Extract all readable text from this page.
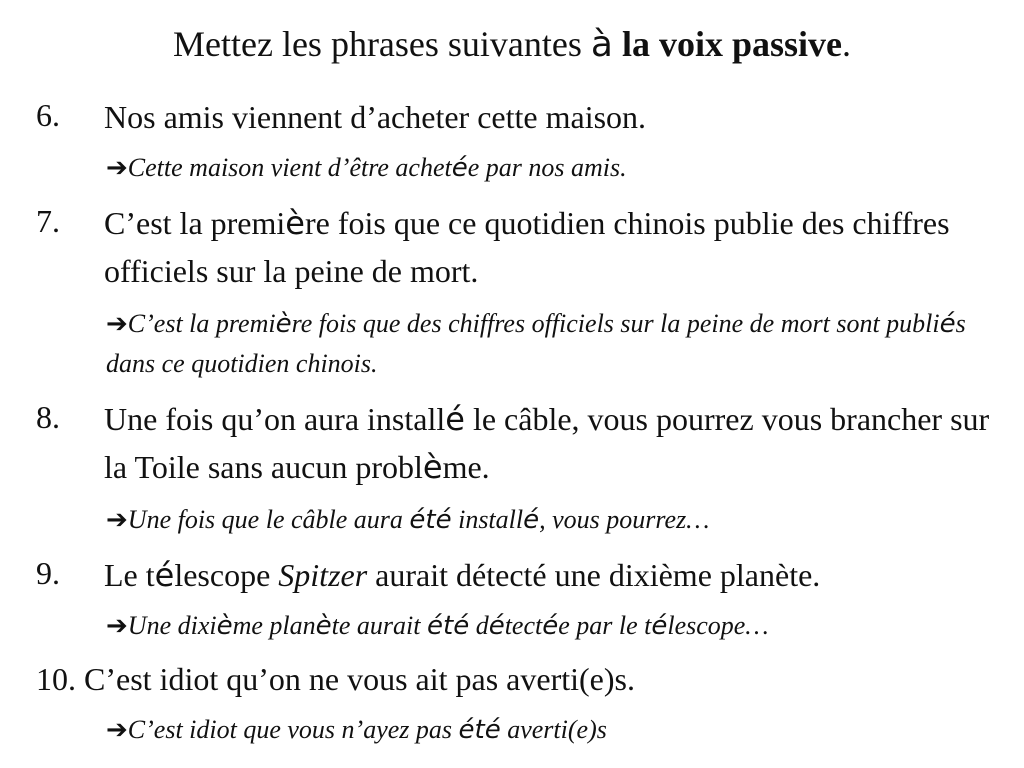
Mettez les phrases suivantes à la voix passive.
6.	Nos amis viennent d’acheter cette maison.
➔Cette maison vient d’être achetée par nos amis.
7.	C’est la première fois que ce quotidien chinois publie des chiffres officiels sur la peine de mort.
➔C’est la première fois que des chiffres officiels sur la peine de mort sont publiés dans ce quotidien chinois.
8.	Une fois qu’on aura installé le câble, vous pourrez vous brancher sur la Toile sans aucun problème.
➔Une fois que le câble aura été installé, vous pourrez…
9.	Le télescope Spitzer aurait détecté une dixième planète.
➔Une dixième planète aurait été détectée par le télescope…
10. C’est idiot qu’on ne vous ait pas averti(e)s.
➔C’est idiot que vous n’ayez pas été averti(e)s
